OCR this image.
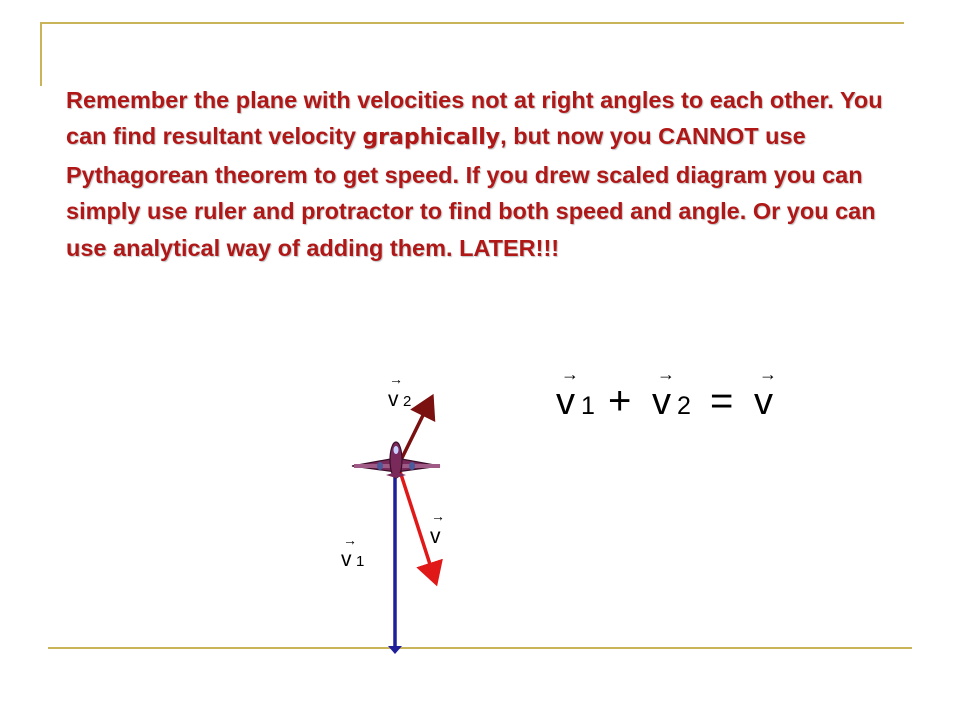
Remember the plane with velocities not at right angles to each other. You can find resultant velocity graphically, but now you CANNOT use Pythagorean theorem to get speed. If you drew scaled diagram you can simply use ruler and protractor to find both speed and angle. Or you can use analytical way of adding them. LATER!!!

→
v 2
→
v
→
v 1
→
v 1 +
→
v 2 =
→
v
